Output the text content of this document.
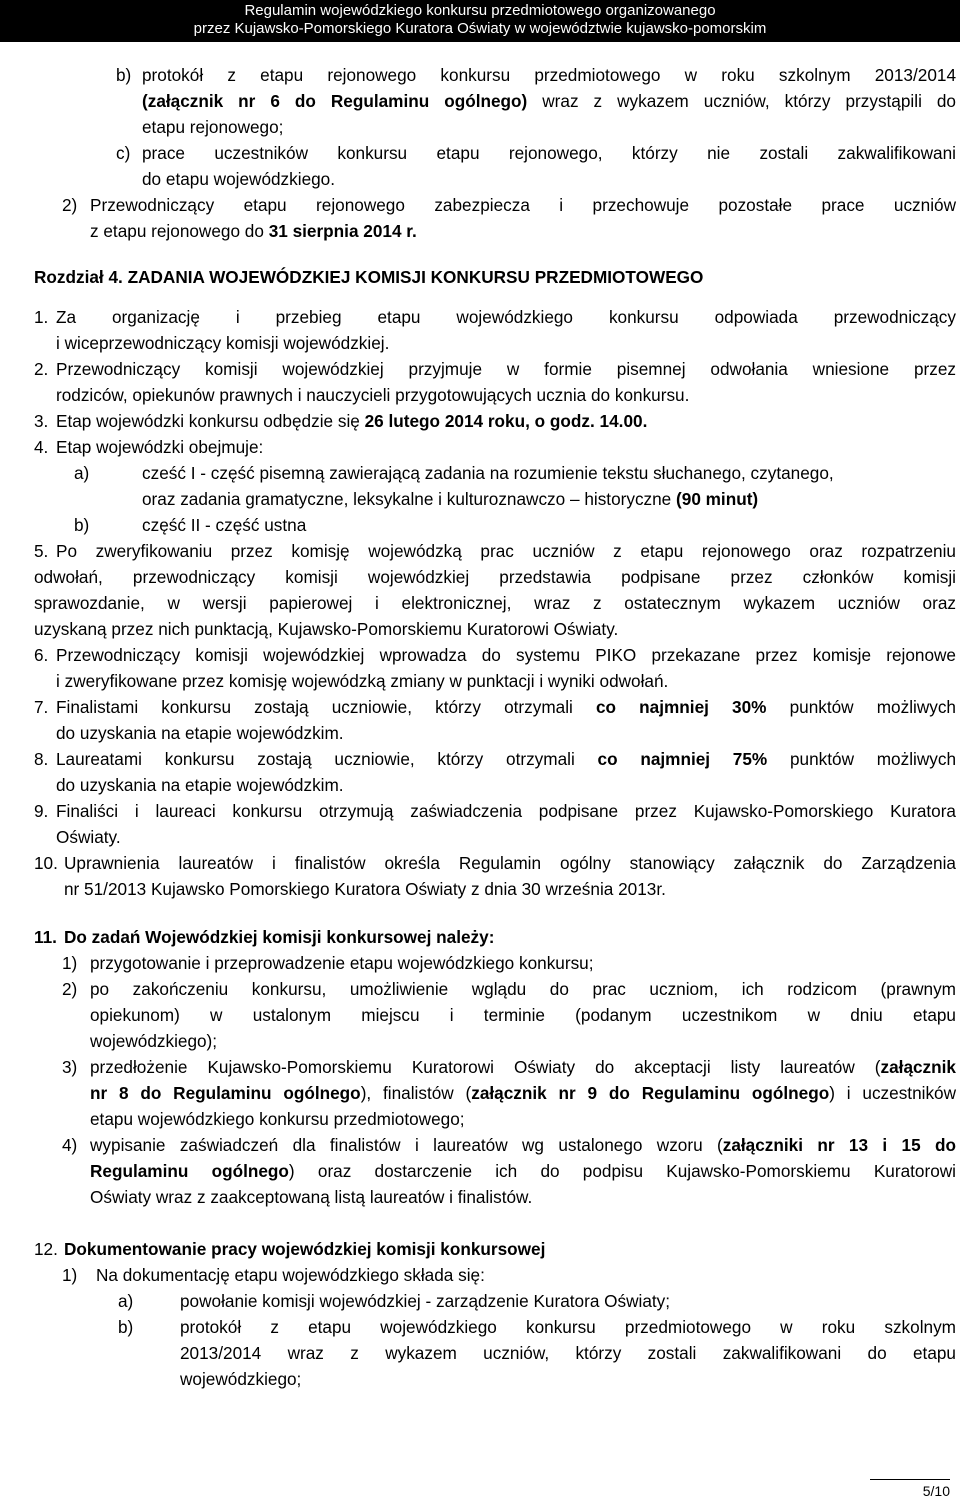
Regulamin wojewódzkiego konkursu przedmiotowego organizowanego
przez Kujawsko-Pomorskiego Kuratora Oświaty w województwie kujawsko-pomorskim
b) protokół z etapu rejonowego konkursu przedmiotowego w roku szkolnym 2013/2014
(załącznik nr 6 do Regulaminu ogólnego) wraz z wykazem uczniów, którzy przystąpili do
etapu rejonowego;
c) prace uczestników konkursu etapu rejonowego, którzy nie zostali zakwalifikowani
do etapu wojewódzkiego.
2) Przewodniczący etapu rejonowego zabezpiecza i przechowuje pozostałe prace uczniów
z etapu rejonowego do 31 sierpnia 2014 r.
Rozdział 4. ZADANIA WOJEWÓDZKIEJ KOMISJI KONKURSU PRZEDMIOTOWEGO
1. Za organizację i przebieg etapu wojewódzkiego konkursu odpowiada przewodniczący
i wiceprzewodniczący komisji wojewódzkiej.
2. Przewodniczący komisji wojewódzkiej przyjmuje w formie pisemnej odwołania wniesione przez
rodziców, opiekunów prawnych i nauczycieli przygotowujących ucznia do konkursu.
3. Etap wojewódzki konkursu odbędzie się 26 lutego 2014 roku, o godz. 14.00.
4. Etap wojewódzki obejmuje:
a)	cześć I - część pisemną zawierającą zadania na rozumienie tekstu słuchanego, czytanego,
oraz zadania gramatyczne, leksykalne i kulturoznawczo – historyczne (90 minut)
b)	część II - część ustna
5. Po zweryfikowaniu przez komisję wojewódzką prac uczniów z etapu rejonowego oraz rozpatrzeniu
odwołań, przewodniczący komisji wojewódzkiej przedstawia podpisane przez członków komisji
sprawozdanie, w wersji papierowej i elektronicznej, wraz z ostatecznym wykazem uczniów oraz
uzyskaną przez nich punktacją, Kujawsko-Pomorskiemu Kuratorowi Oświaty.
6. Przewodniczący komisji wojewódzkiej wprowadza do systemu PIKO przekazane przez komisje rejonowe
i zweryfikowane przez komisję wojewódzką zmiany w punktacji i wyniki odwołań.
7. Finalistami konkursu zostają uczniowie, którzy otrzymali co najmniej 30% punktów możliwych
do uzyskania na etapie wojewódzkim.
8. Laureatami konkursu zostają uczniowie, którzy otrzymali co najmniej 75% punktów możliwych
do uzyskania na etapie wojewódzkim.
9. Finaliści i laureaci konkursu otrzymują zaświadczenia podpisane przez Kujawsko-Pomorskiego Kuratora
Oświaty.
10. Uprawnienia laureatów i finalistów określa Regulamin ogólny stanowiący załącznik do Zarządzenia
nr 51/2013 Kujawsko Pomorskiego Kuratora Oświaty z dnia 30 września 2013r.
11. Do zadań Wojewódzkiej komisji konkursowej należy:
1) przygotowanie i przeprowadzenie etapu wojewódzkiego konkursu;
2) po zakończeniu konkursu, umożliwienie wglądu do prac uczniom, ich rodzicom (prawnym
opiekunom) w ustalonym miejscu i terminie (podanym uczestnikom w dniu etapu
wojewódzkiego);
3) przedłożenie Kujawsko-Pomorskiemu Kuratorowi Oświaty do akceptacji listy laureatów (załącznik
nr 8 do Regulaminu ogólnego), finalistów (załącznik nr 9 do Regulaminu ogólnego) i uczestników
etapu wojewódzkiego konkursu przedmiotowego;
4) wypisanie zaświadczeń dla finalistów i laureatów wg ustalonego wzoru (załączniki nr 13 i 15 do
Regulaminu ogólnego) oraz dostarczenie ich do podpisu Kujawsko-Pomorskiemu Kuratorowi
Oświaty wraz z zaakceptowaną listą laureatów i finalistów.
12. Dokumentowanie pracy wojewódzkiej komisji konkursowej
1)	Na dokumentację etapu wojewódzkiego składa się:
a)	powołanie komisji wojewódzkiej - zarządzenie Kuratora Oświaty;
b)	protokół z etapu wojewódzkiego konkursu przedmiotowego w roku szkolnym
2013/2014 wraz z wykazem uczniów, którzy zostali zakwalifikowani do etapu
wojewódzkiego;
5/10
